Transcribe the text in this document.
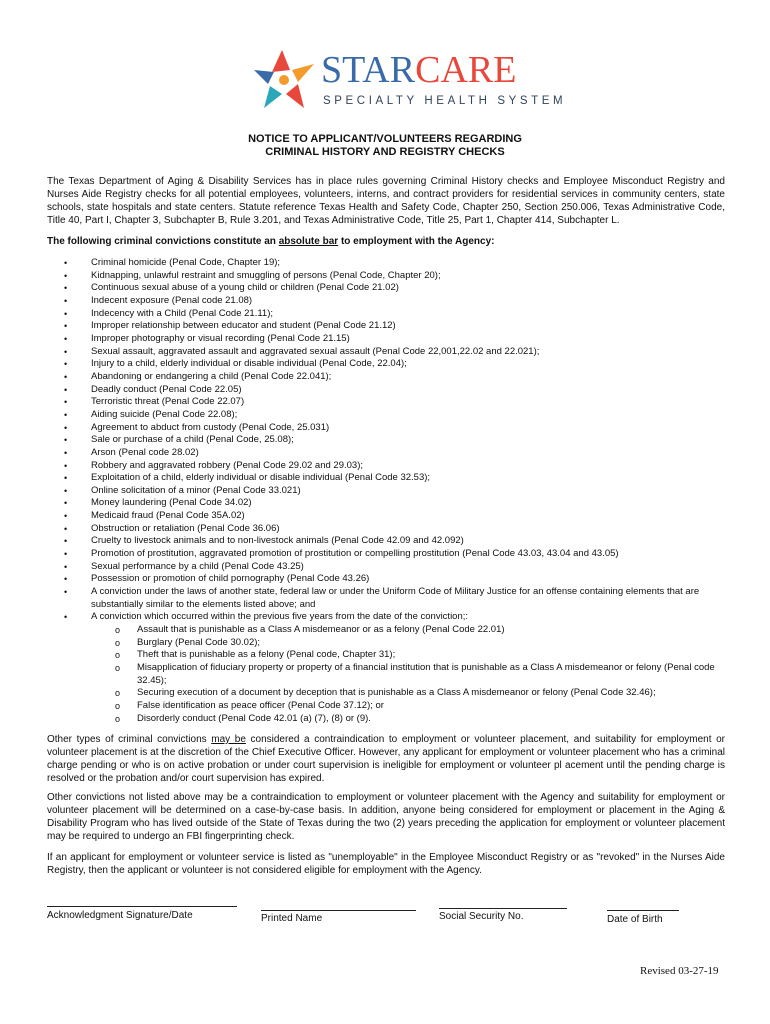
STARCARE
SPECIALTY HEALTH SYSTEM
NOTICE TO APPLICANT/VOLUNTEERS REGARDING
CRIMINAL HISTORY AND REGISTRY CHECKS
The Texas Department of Aging & Disability Services has in place rules governing Criminal History checks and Employee Misconduct Registry and Nurses Aide Registry checks for all potential employees, volunteers, interns, and contract providers for residential services in community centers, state schools, state hospitals and state centers. Statute reference Texas Health and Safety Code, Chapter 250, Section 250.006, Texas Administrative Code, Title 40, Part I, Chapter 3, Subchapter B, Rule 3.201, and Texas Administrative Code, Title 25, Part 1, Chapter 414, Subchapter L.
The following criminal convictions constitute an absolute bar to employment with the Agency:
•	Criminal homicide (Penal Code, Chapter 19);
•	Kidnapping, unlawful restraint and smuggling of persons (Penal Code, Chapter 20);
•	Continuous sexual abuse of a young child or children (Penal Code 21.02)
•	Indecent exposure (Penal code 21.08)
•	Indecency with a Child (Penal Code 21.11);
•	Improper relationship between educator and student (Penal Code 21.12)
•	Improper photography or visual recording (Penal Code 21.15)
•	Sexual assault, aggravated assault and aggravated sexual assault (Penal Code 22,001,22.02 and 22.021);
•	Injury to a child, elderly individual or disable individual (Penal Code, 22.04);
•	Abandoning or endangering a child (Penal Code 22.041);
•	Deadly conduct (Penal Code 22.05)
•	Terroristic threat (Penal Code 22.07)
•	Aiding suicide (Penal Code 22.08);
•	Agreement to abduct from custody (Penal Code, 25.031)
•	Sale or purchase of a child (Penal Code, 25.08);
•	Arson (Penal code 28.02)
•	Robbery and aggravated robbery (Penal Code 29.02 and 29.03);
•	Exploitation of a child, elderly individual or disable individual (Penal Code 32.53);
•	Online solicitation of a minor (Penal Code 33.021)
•	Money laundering (Penal Code 34.02)
•	Medicaid fraud (Penal Code 35A.02)
•	Obstruction or retaliation (Penal Code 36.06)
•	Cruelty to livestock animals and to non-livestock animals (Penal Code 42.09 and 42.092)
•	Promotion of prostitution, aggravated promotion of prostitution or compelling prostitution (Penal Code 43.03, 43.04 and 43.05)
•	Sexual performance by a child (Penal Code 43.25)
•	Possession or promotion of child pornography (Penal Code 43.26)
•	A conviction under the laws of another state, federal law or under the Uniform Code of Military Justice for an offense containing elements that are substantially similar to the elements listed above; and
•	A conviction which occurred within the previous five years from the date of the conviction;:
o Assault that is punishable as a Class A misdemeanor or as a felony (Penal Code 22.01)
o Burglary (Penal Code 30.02);
o Theft that is punishable as a felony (Penal code, Chapter 31);
o Misapplication of fiduciary property or property of a financial institution that is punishable as a Class A misdemeanor or felony (Penal code 32.45);
o Securing execution of a document by deception that is punishable as a Class A misdemeanor or felony (Penal Code 32.46);
o False identification as peace officer (Penal Code 37.12); or
o Disorderly conduct (Penal Code 42.01 (a) (7), (8) or (9).
Other types of criminal convictions may be considered a contraindication to employment or volunteer placement, and suitability for employment or volunteer placement is at the discretion of the Chief Executive Officer. However, any applicant for employment or volunteer placement who has a criminal charge pending or who is on active probation or under court supervision is ineligible for employment or volunteer pl acement until the pending charge is resolved or the probation and/or court supervision has expired.
Other convictions not listed above may be a contraindication to employment or volunteer placement with the Agency and suitability for employment or volunteer placement will be determined on a case-by-case basis. In addition, anyone being considered for employment or placement in the Aging & Disability Program who has lived outside of the State of Texas during the two (2) years preceding the application for employment or volunteer placement may be required to undergo an FBI fingerprinting check.
If an applicant for employment or volunteer service is listed as "unemployable" in the Employee Misconduct Registry or as "revoked" in the Nurses Aide Registry, then the applicant or volunteer is not considered eligible for employment with the Agency.
Acknowledgment Signature/Date	Printed Name	Social Security No.	Date of Birth
Revised 03-27-19
